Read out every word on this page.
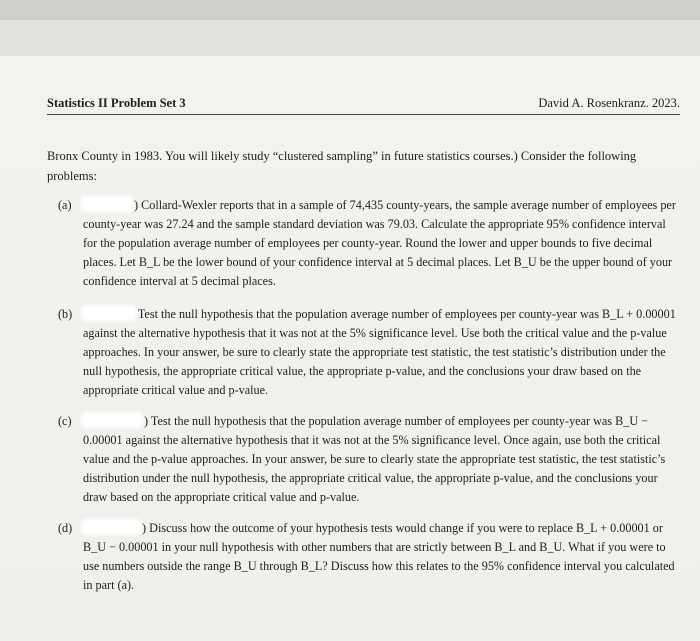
Statistics II Problem Set 3	David A. Rosenkranz. 2023.
Bronx County in 1983. You will likely study “clustered sampling” in future statistics courses.) Consider the following problems:
(a)	) Collard-Wexler reports that in a sample of 74,435 county-years, the sample average number of employees per county-year was 27.24 and the sample standard deviation was 79.03. Calculate the appropriate 95% confidence interval for the population average number of employees per county-year. Round the lower and upper bounds to five decimal places. Let B_L be the lower bound of your confidence interval at 5 decimal places. Let B_U be the upper bound of your confidence interval at 5 decimal places.
(b)	Test the null hypothesis that the population average number of employees per county-year was B_L + 0.00001 against the alternative hypothesis that it was not at the 5% significance level. Use both the critical value and the p-value approaches. In your answer, be sure to clearly state the appropriate test statistic, the test statistic’s distribution under the null hypothesis, the appropriate critical value, the appropriate p-value, and the conclusions your draw based on the appropriate critical value and p-value.
(c)	) Test the null hypothesis that the population average number of employees per county-year was B_U − 0.00001 against the alternative hypothesis that it was not at the 5% significance level. Once again, use both the critical value and the p-value approaches. In your answer, be sure to clearly state the appropriate test statistic, the test statistic’s distribution under the null hypothesis, the appropriate critical value, the appropriate p-value, and the conclusions your draw based on the appropriate critical value and p-value.
(d)	) Discuss how the outcome of your hypothesis tests would change if you were to replace B_L + 0.00001 or B_U − 0.00001 in your null hypothesis with other numbers that are strictly between B_L and B_U. What if you were to use numbers outside the range B_U through B_L? Discuss how this relates to the 95% confidence interval you calculated in part (a).
